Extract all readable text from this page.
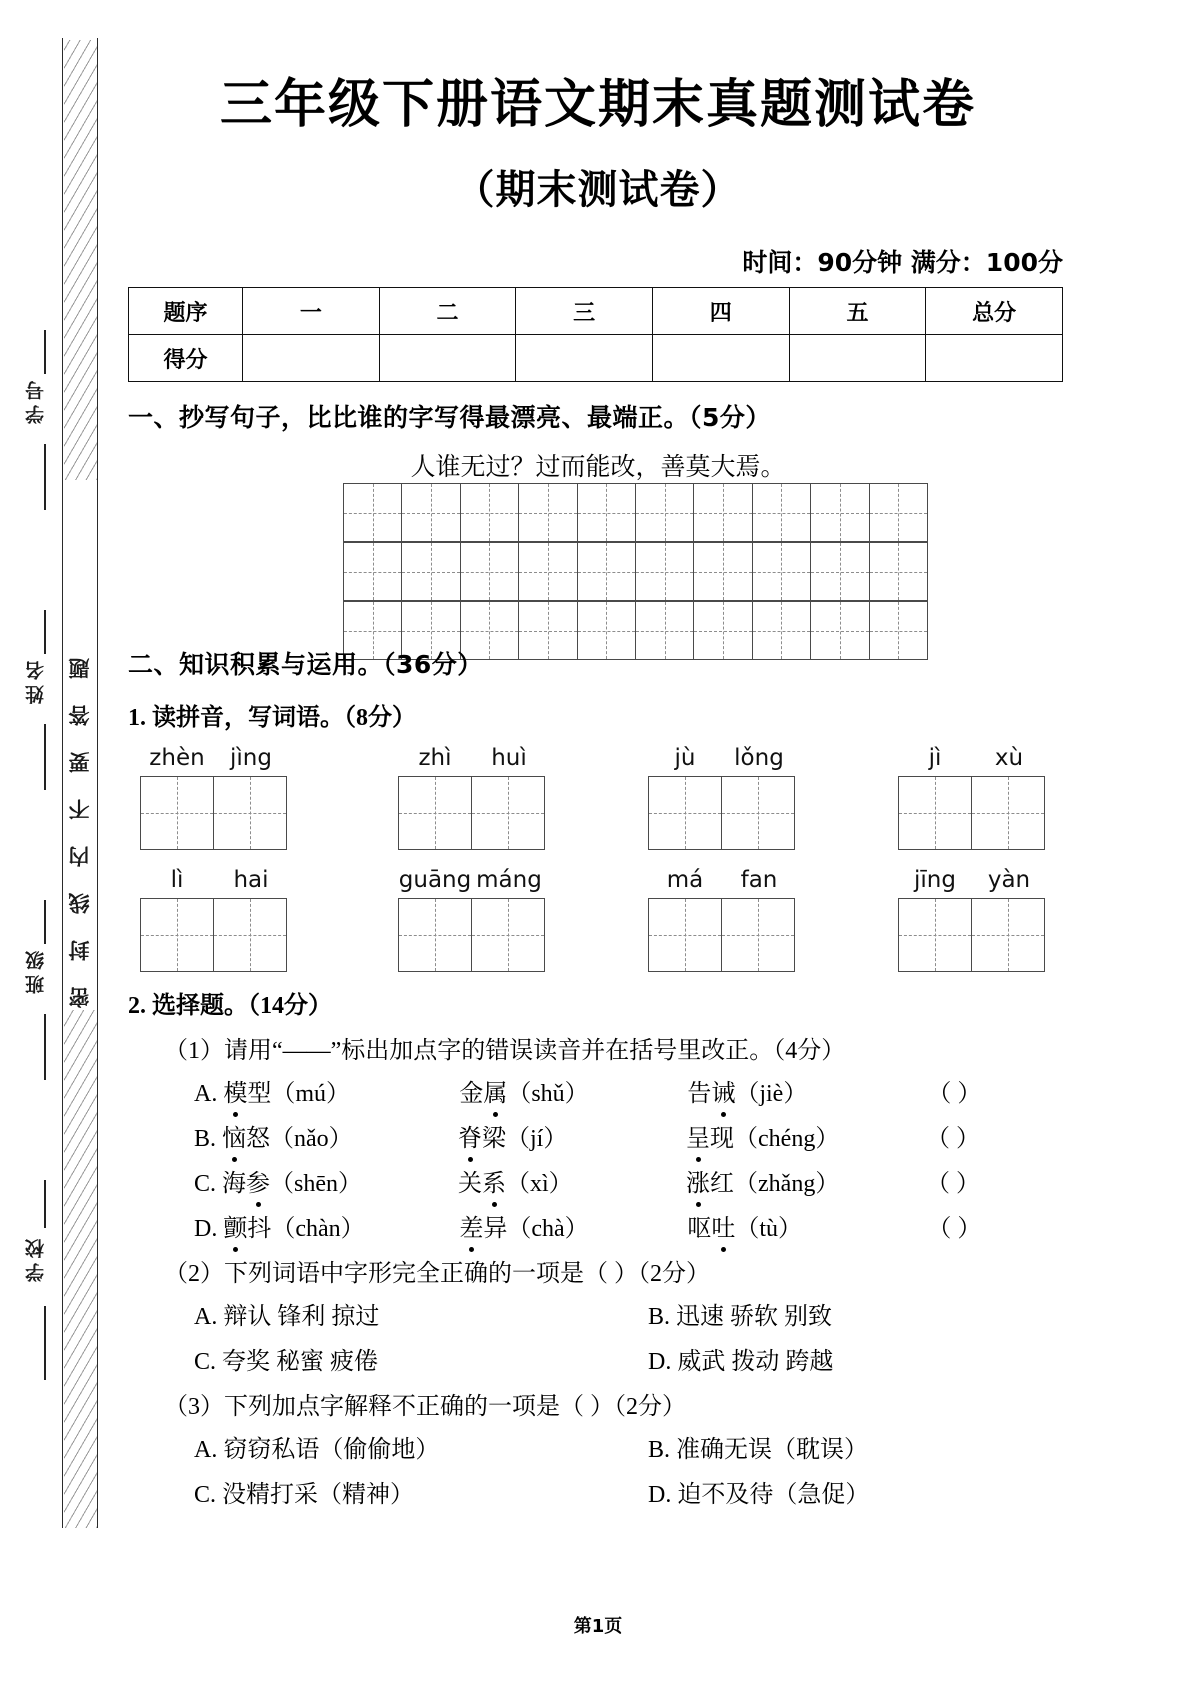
密封线内不要答题
学号
姓名
班级
学校
三年级下册语文期末真题测试卷
（期末测试卷）
时间：90分钟 满分：100分
题序	一	二	三	四	五	总分
得分						
一、抄写句子，比比谁的字写得最漂亮、最端正。（5分）
人谁无过？过而能改，善莫大焉。
二、知识积累与运用。（36分）
1. 读拼音，写词语。（8分）
zhèn	jìng	zhì	huì	jù	lǒng	jì	xù
lì	hai	guāng máng	má	fan	jīng	yàn
2. 选择题。（14分）
（1）请用“——”标出加点字的错误读音并在括号里改正。（4分）
A. 模型（mú）	金属（shǔ）	告诫（jiè）	（ ）
B. 恼怒（nǎo）	脊梁（jí）	呈现（chéng）	（ ）
C. 海参（shēn）	关系（xì）	涨红（zhǎng）	（ ）
D. 颤抖（chàn）	差异（chà）	呕吐（tù）	（ ）
（2）下列词语中字形完全正确的一项是（ ）（2分）
A. 辩认 锋利 掠过	B. 迅速 骄软 别致
C. 夸奖 秘蜜 疲倦	D. 威武 拨动 跨越
（3）下列加点字解释不正确的一项是（ ）（2分）
A. 窃窃私语（偷偷地）	B. 准确无误（耽误）
C. 没精打采（精神）	D. 迫不及待（急促）
第1页
